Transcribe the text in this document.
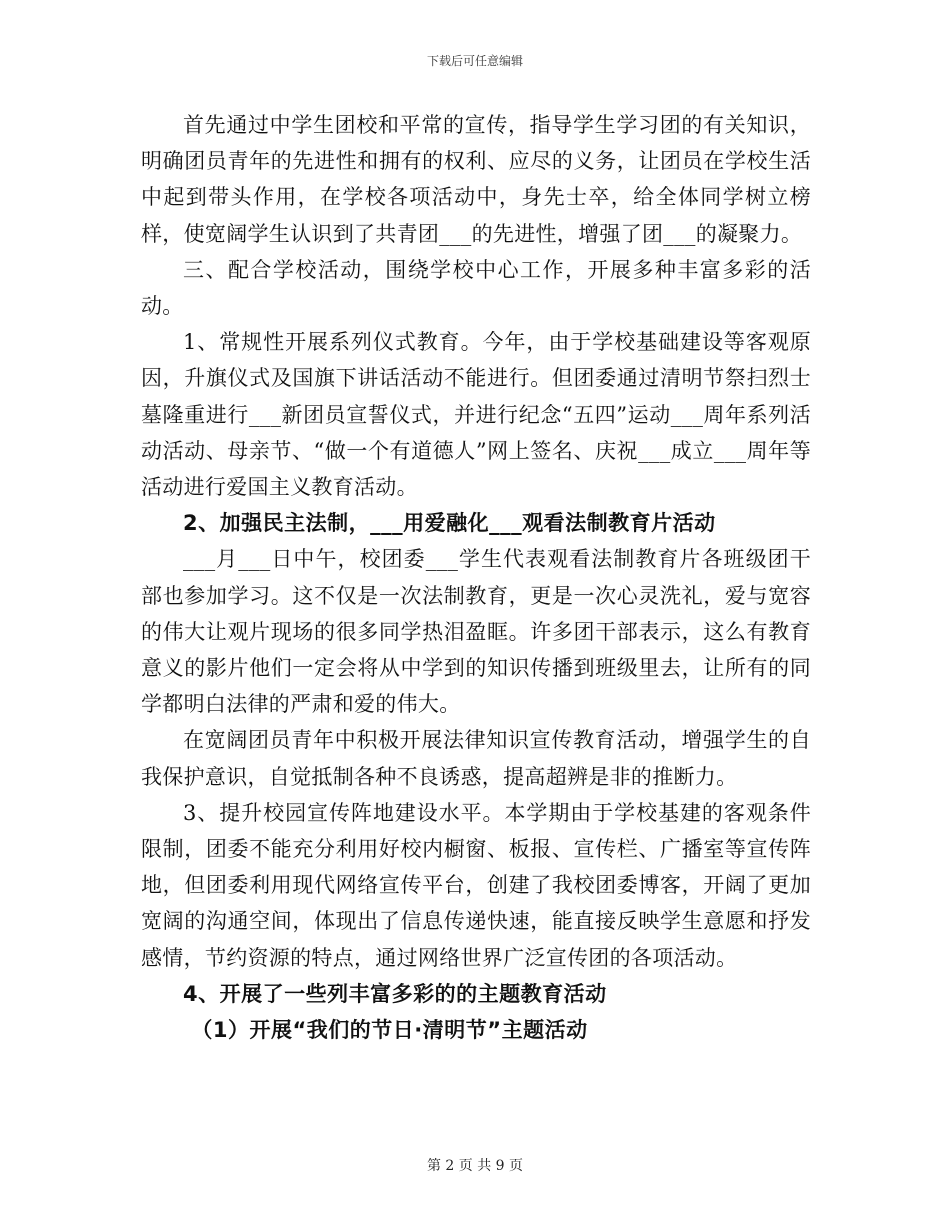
下载后可任意编辑

首先通过中学生团校和平常的宣传，指导学生学习团的有关知识，明确团员青年的先进性和拥有的权利、应尽的义务，让团员在学校生活中起到带头作用，在学校各项活动中，身先士卒，给全体同学树立榜样，使宽阔学生认识到了共青团___的先进性，增强了团___的凝聚力。

三、配合学校活动，围绕学校中心工作，开展多种丰富多彩的活动。

1、常规性开展系列仪式教育。今年，由于学校基础建设等客观原因，升旗仪式及国旗下讲话活动不能进行。但团委通过清明节祭扫烈士墓隆重进行___新团员宣誓仪式，并进行纪念“五四”运动___周年系列活动活动、母亲节、“做一个有道德人”网上签名、庆祝___成立___周年等活动进行爱国主义教育活动。

2、加强民主法制，___用爱融化___观看法制教育片活动

___月___日中午，校团委___学生代表观看法制教育片各班级团干部也参加学习。这不仅是一次法制教育，更是一次心灵洗礼，爱与宽容的伟大让观片现场的很多同学热泪盈眶。许多团干部表示，这么有教育意义的影片他们一定会将从中学到的知识传播到班级里去，让所有的同学都明白法律的严肃和爱的伟大。

在宽阔团员青年中积极开展法律知识宣传教育活动，增强学生的自我保护意识，自觉抵制各种不良诱惑，提高超辨是非的推断力。

3、提升校园宣传阵地建设水平。本学期由于学校基建的客观条件限制，团委不能充分利用好校内橱窗、板报、宣传栏、广播室等宣传阵地，但团委利用现代网络宣传平台，创建了我校团委博客，开阔了更加宽阔的沟通空间，体现出了信息传递快速，能直接反映学生意愿和抒发感情，节约资源的特点，通过网络世界广泛宣传团的各项活动。

4、开展了一些列丰富多彩的的主题教育活动

（1）开展“我们的节日·清明节”主题活动

第 2 页 共 9 页
